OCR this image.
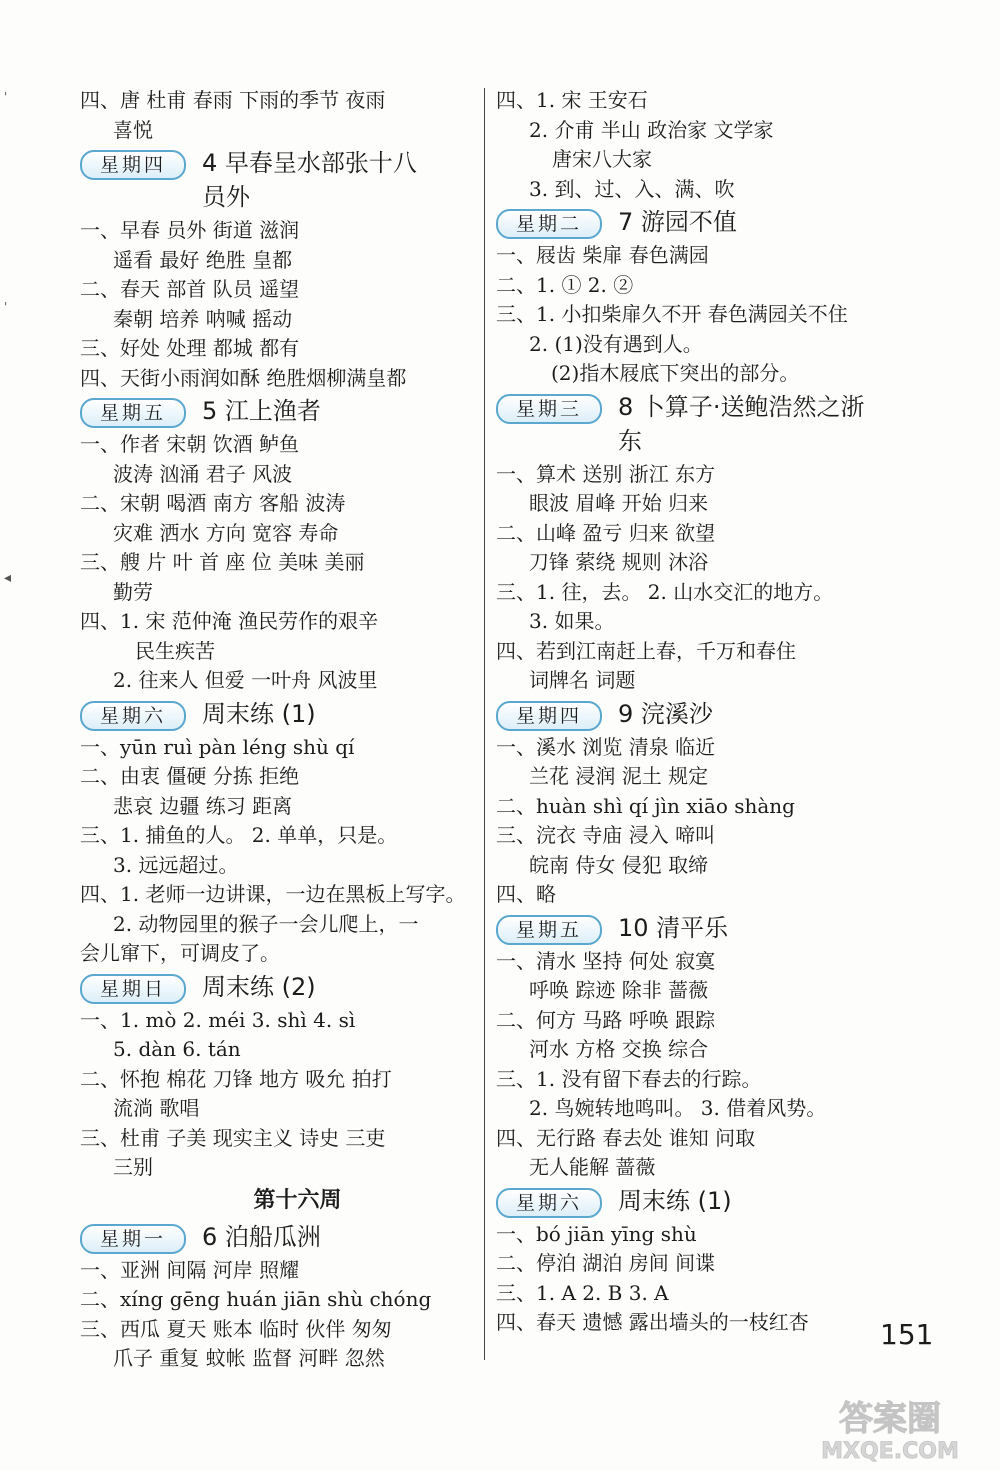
'
'
◂
四、唐 杜甫 春雨 下雨的季节 夜雨
喜悦
星期四	4 早春呈水部张十八员外
一、早春 员外 街道 滋润
遥看 最好 绝胜 皇都
二、春天 部首 队员 遥望
秦朝 培养 呐喊 摇动
三、好处 处理 都城 都有
四、天街小雨润如酥 绝胜烟柳满皇都
星期五	5 江上渔者
一、作者 宋朝 饮酒 鲈鱼
波涛 汹涌 君子 风波
二、宋朝 喝酒 南方 客船 波涛
灾难 洒水 方向 宽容 寿命
三、艘 片 叶 首 座 位 美味 美丽
勤劳
四、1. 宋 范仲淹 渔民劳作的艰辛
民生疾苦
2. 往来人 但爱 一叶舟 风波里
星期六	周末练 (1)
一、yūn ruì pàn léng shù qí
二、由衷 僵硬 分拣 拒绝
悲哀 边疆 练习 距离
三、1. 捕鱼的人。 2. 单单，只是。
3. 远远超过。
四、1. 老师一边讲课，一边在黑板上写字。
2. 动物园里的猴子一会儿爬上，一
会儿窜下，可调皮了。
星期日	周末练 (2)
一、1. mò 2. méi 3. shì 4. sì
5. dàn 6. tán
二、怀抱 棉花 刀锋 地方 吸允 拍打
流淌 歌唱
三、杜甫 子美 现实主义 诗史 三吏
三别
第十六周
星期一	6 泊船瓜洲
一、亚洲 间隔 河岸 照耀
二、xíng gēng huán jiān shù chóng
三、西瓜 夏天 账本 临时 伙伴 匆匆
爪子 重复 蚊帐 监督 河畔 忽然
四、1. 宋 王安石
2. 介甫 半山 政治家 文学家
唐宋八大家
3. 到、过、入、满、吹
星期二	7 游园不值
一、屐齿 柴扉 春色满园
二、1. ① 2. ②
三、1. 小扣柴扉久不开 春色满园关不住
2. (1)没有遇到人。
(2)指木屐底下突出的部分。
星期三	8 卜算子·送鲍浩然之浙东
一、算术 送别 浙江 东方
眼波 眉峰 开始 归来
二、山峰 盈亏 归来 欲望
刀锋 萦绕 规则 沐浴
三、1. 往，去。 2. 山水交汇的地方。
3. 如果。
四、若到江南赶上春，千万和春住
词牌名 词题
星期四	9 浣溪沙
一、溪水 浏览 清泉 临近
兰花 浸润 泥土 规定
二、huàn shì qí jìn xiāo shàng
三、浣衣 寺庙 浸入 啼叫
皖南 侍女 侵犯 取缔
四、略
星期五	10 清平乐
一、清水 坚持 何处 寂寞
呼唤 踪迹 除非 蔷薇
二、何方 马路 呼唤 跟踪
河水 方格 交换 综合
三、1. 没有留下春去的行踪。
2. 鸟婉转地鸣叫。 3. 借着风势。
四、无行路 春去处 谁知 问取
无人能解 蔷薇
星期六	周末练 (1)
一、bó jiān yīng shù
二、停泊 湖泊 房间 间谍
三、1. A 2. B 3. A
四、春天 遗憾 露出墙头的一枝红杏	151
答案圈
MXQE.COM
